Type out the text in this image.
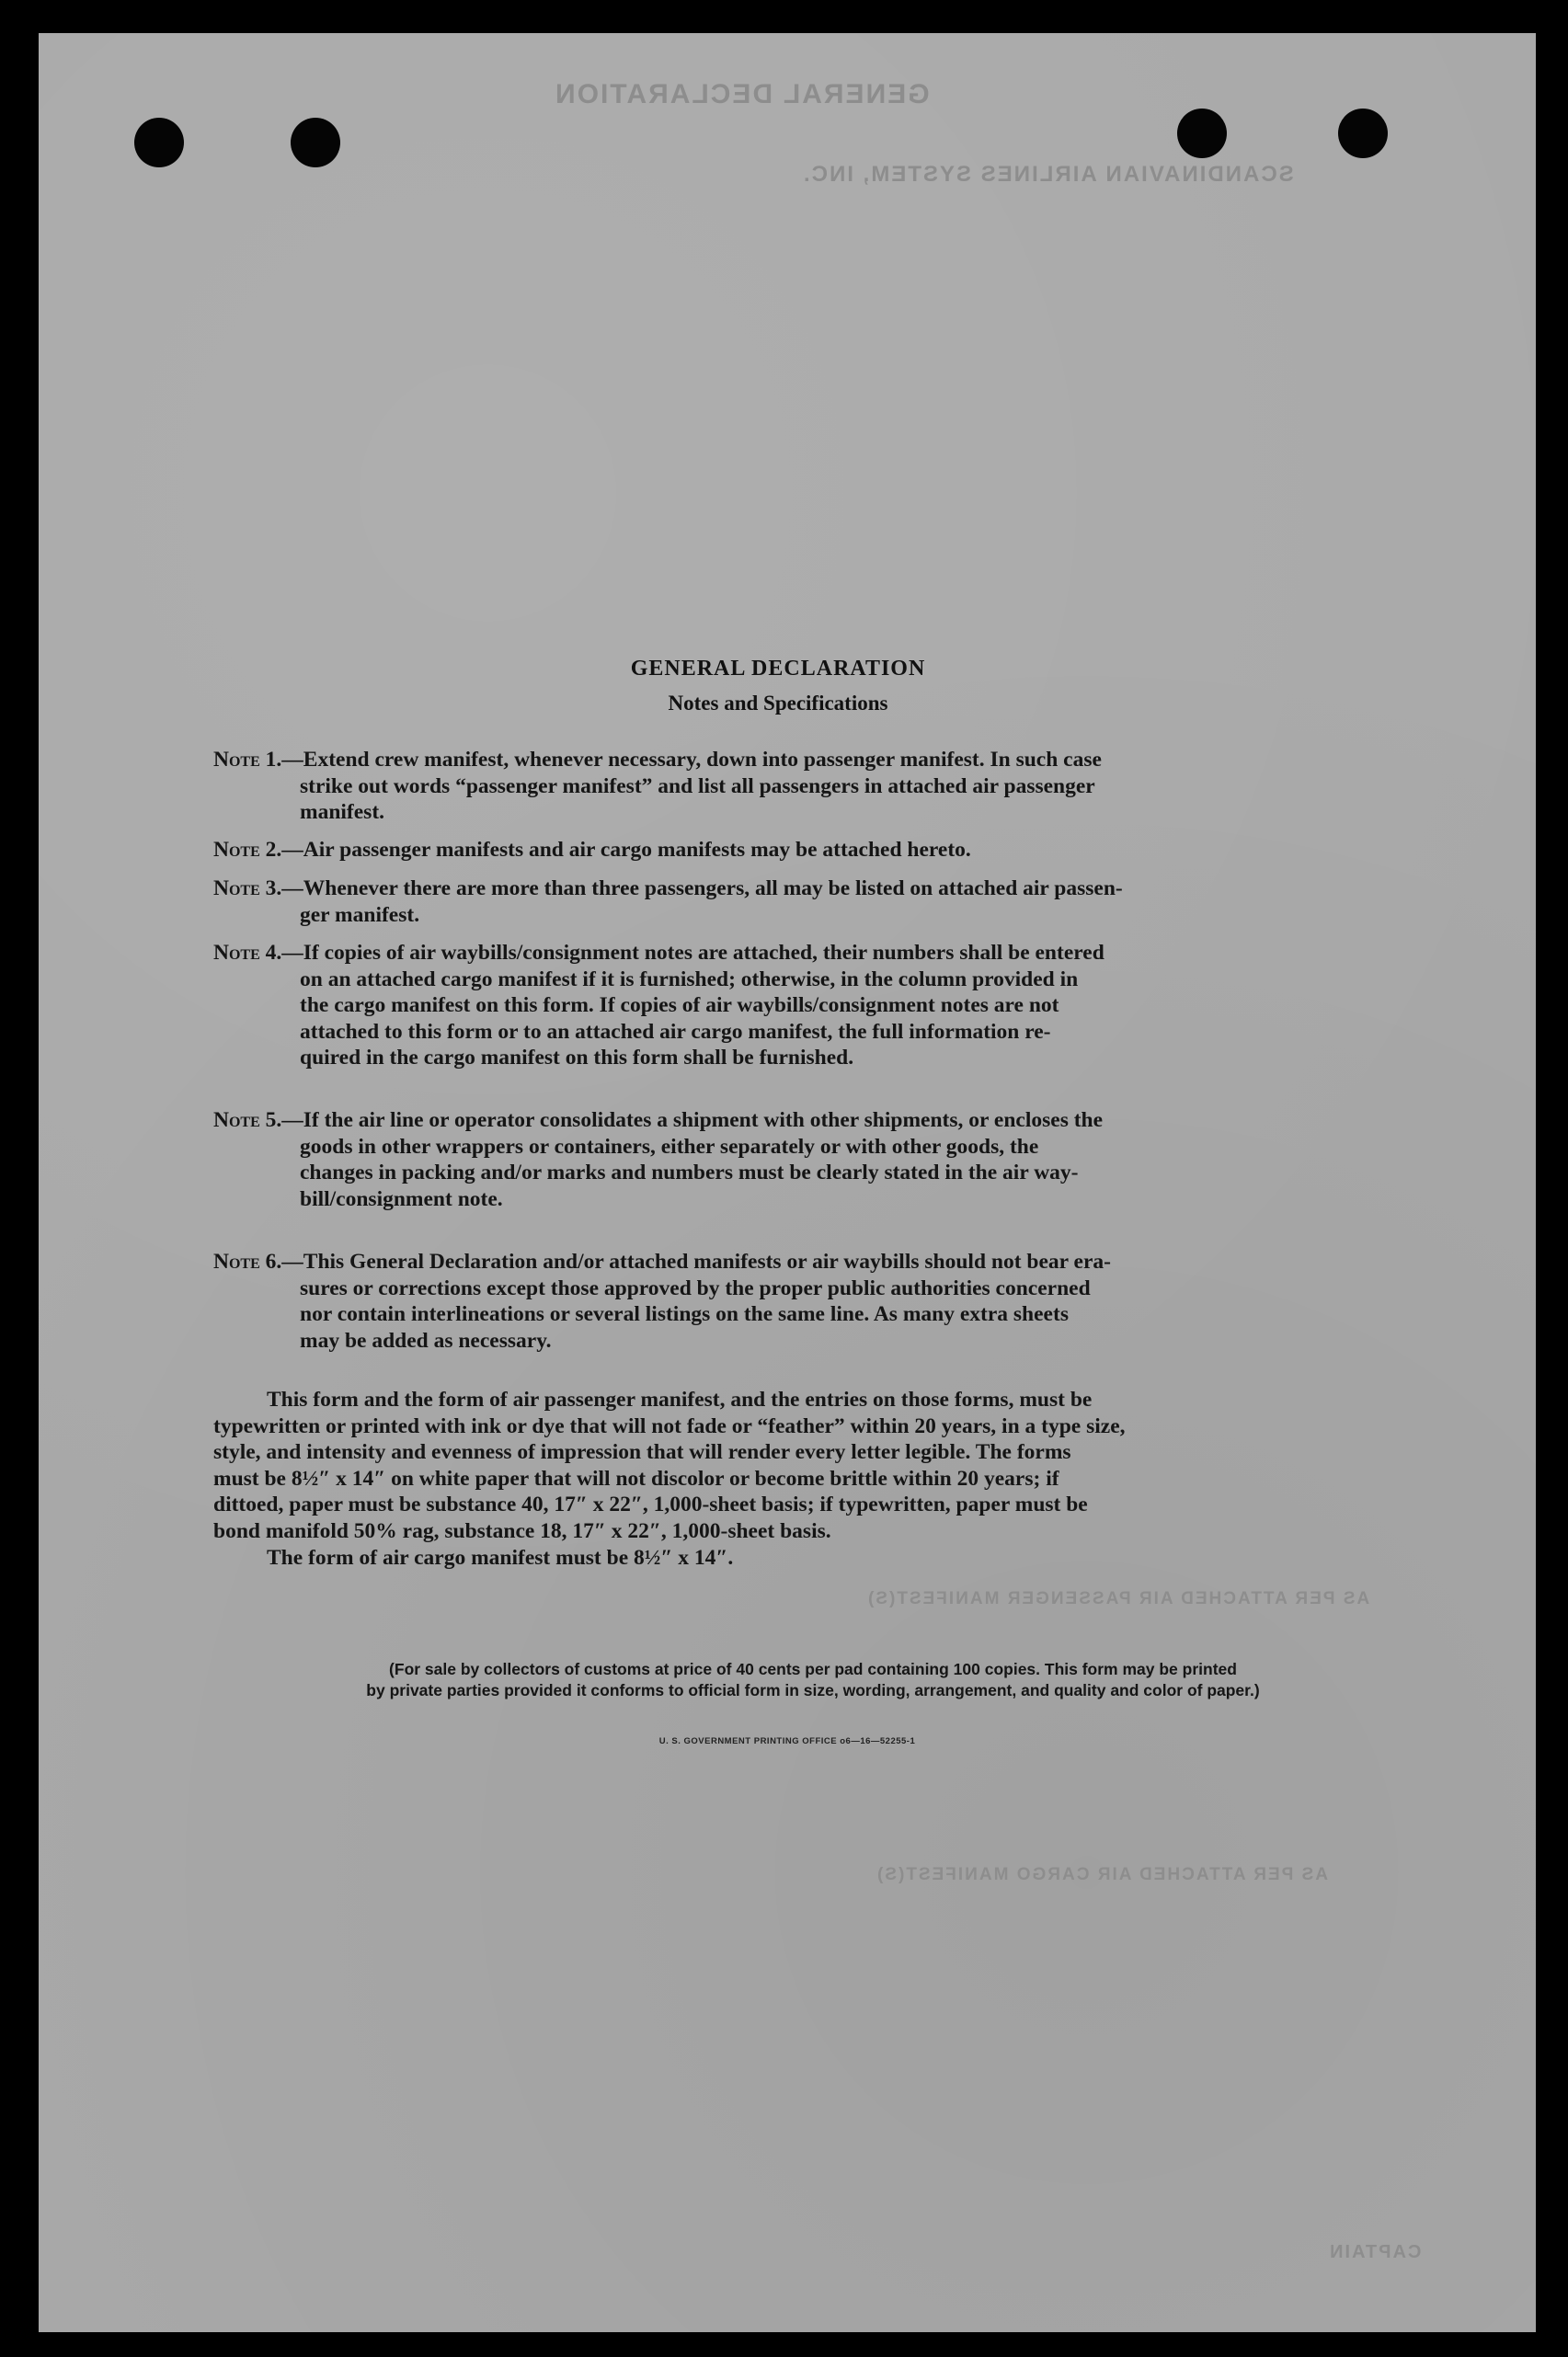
GENERAL DECLARATION
SCANDINAVIAN AIRLINES SYSTEM, INC.
AS PER ATTACHED AIR PASSENGER MANIFEST(S)
AS PER ATTACHED AIR CARGO MANIFEST(S)
CAPTAIN
GENERAL DECLARATION
Notes and Specifications
Note 1.—Extend crew manifest, whenever necessary, down into passenger manifest. In such case
strike out words “passenger manifest” and list all passengers in attached air passenger
manifest.
Note 2.—Air passenger manifests and air cargo manifests may be attached hereto.
Note 3.—Whenever there are more than three passengers, all may be listed on attached air passen-
ger manifest.
Note 4.—If copies of air waybills/consignment notes are attached, their numbers shall be entered
on an attached cargo manifest if it is furnished; otherwise, in the column provided in
the cargo manifest on this form. If copies of air waybills/consignment notes are not
attached to this form or to an attached air cargo manifest, the full information re-
quired in the cargo manifest on this form shall be furnished.
Note 5.—If the air line or operator consolidates a shipment with other shipments, or encloses the
goods in other wrappers or containers, either separately or with other goods, the
changes in packing and/or marks and numbers must be clearly stated in the air way-
bill/consignment note.
Note 6.—This General Declaration and/or attached manifests or air waybills should not bear era-
sures or corrections except those approved by the proper public authorities concerned
nor contain interlineations or several listings on the same line. As many extra sheets
may be added as necessary.
This form and the form of air passenger manifest, and the entries on those forms, must be
typewritten or printed with ink or dye that will not fade or “feather” within 20 years, in a type size,
style, and intensity and evenness of impression that will render every letter legible. The forms
must be 8½″ x 14″ on white paper that will not discolor or become brittle within 20 years; if
dittoed, paper must be substance 40, 17″ x 22″, 1,000-sheet basis; if typewritten, paper must be
bond manifold 50% rag, substance 18, 17″ x 22″, 1,000-sheet basis.
The form of air cargo manifest must be 8½″ x 14″.
(For sale by collectors of customs at price of 40 cents per pad containing 100 copies. This form may be printed
by private parties provided it conforms to official form in size, wording, arrangement, and quality and color of paper.)
U. S. GOVERNMENT PRINTING OFFICE o6—16—52255-1
